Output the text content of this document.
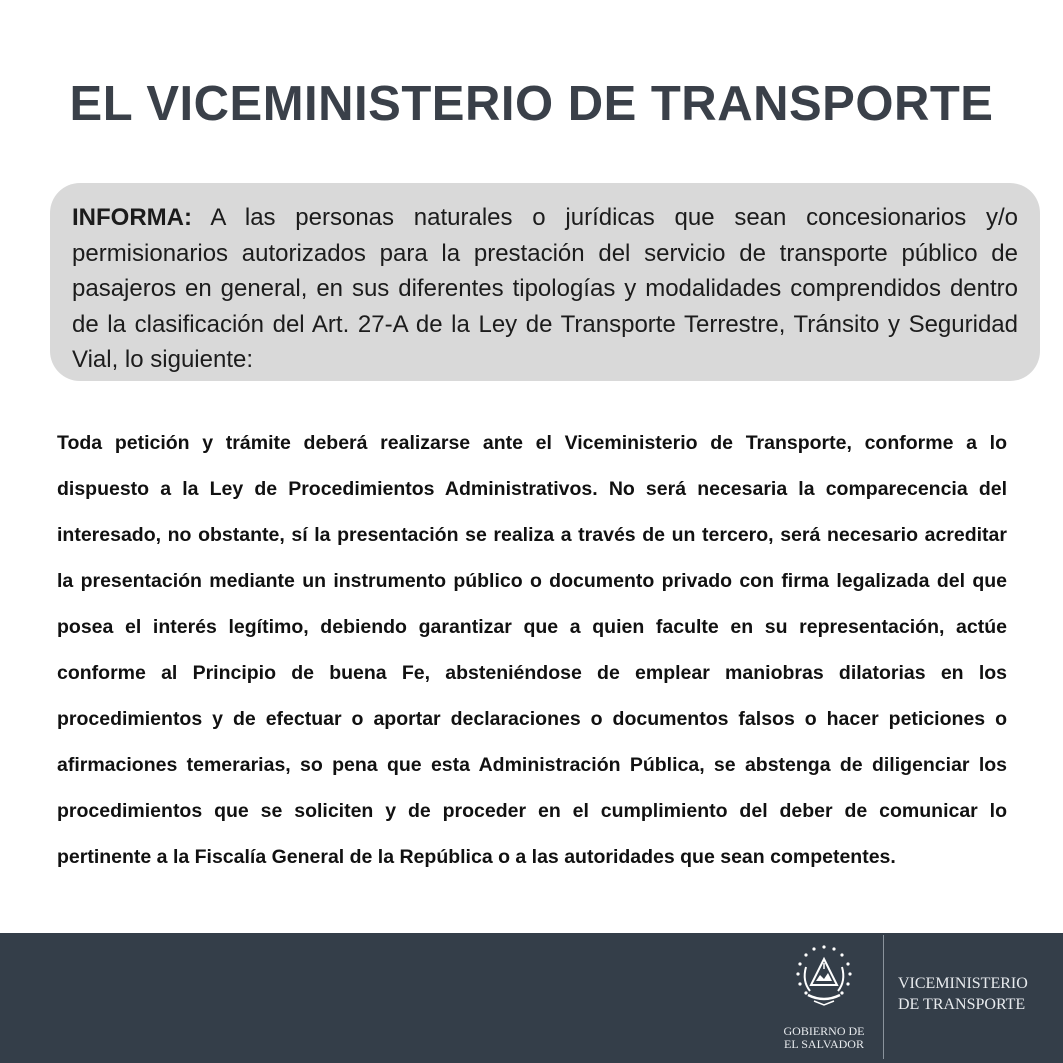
EL VICEMINISTERIO DE TRANSPORTE

INFORMA: A las personas naturales o jurídicas que sean concesionarios y/o permisionarios autorizados para la prestación del servicio de transporte público de pasajeros en general, en sus diferentes tipologías y modalidades comprendidos dentro de la clasificación del Art. 27-A de la Ley de Transporte Terrestre, Tránsito y Seguridad Vial, lo siguiente:

Toda petición y trámite deberá realizarse ante el Viceministerio de Transporte, conforme a lo dispuesto a la Ley de Procedimientos Administrativos. No será necesaria la comparecencia del interesado, no obstante, sí la presentación se realiza a través de un tercero, será necesario acreditar la presentación mediante un instrumento público o documento privado con firma legalizada del que posea el interés legítimo, debiendo garantizar que a quien faculte en su representación, actúe conforme al Principio de buena Fe, absteniéndose de emplear maniobras dilatorias en los procedimientos y de efectuar o aportar declaraciones o documentos falsos o hacer peticiones o afirmaciones temerarias, so pena que esta Administración Pública, se abstenga de diligenciar los procedimientos que se soliciten y de proceder en el cumplimiento del deber de comunicar lo pertinente a la Fiscalía General de la República o a las autoridades que sean competentes.

GOBIERNO DE
EL SALVADOR

VICEMINISTERIO
DE TRANSPORTE
